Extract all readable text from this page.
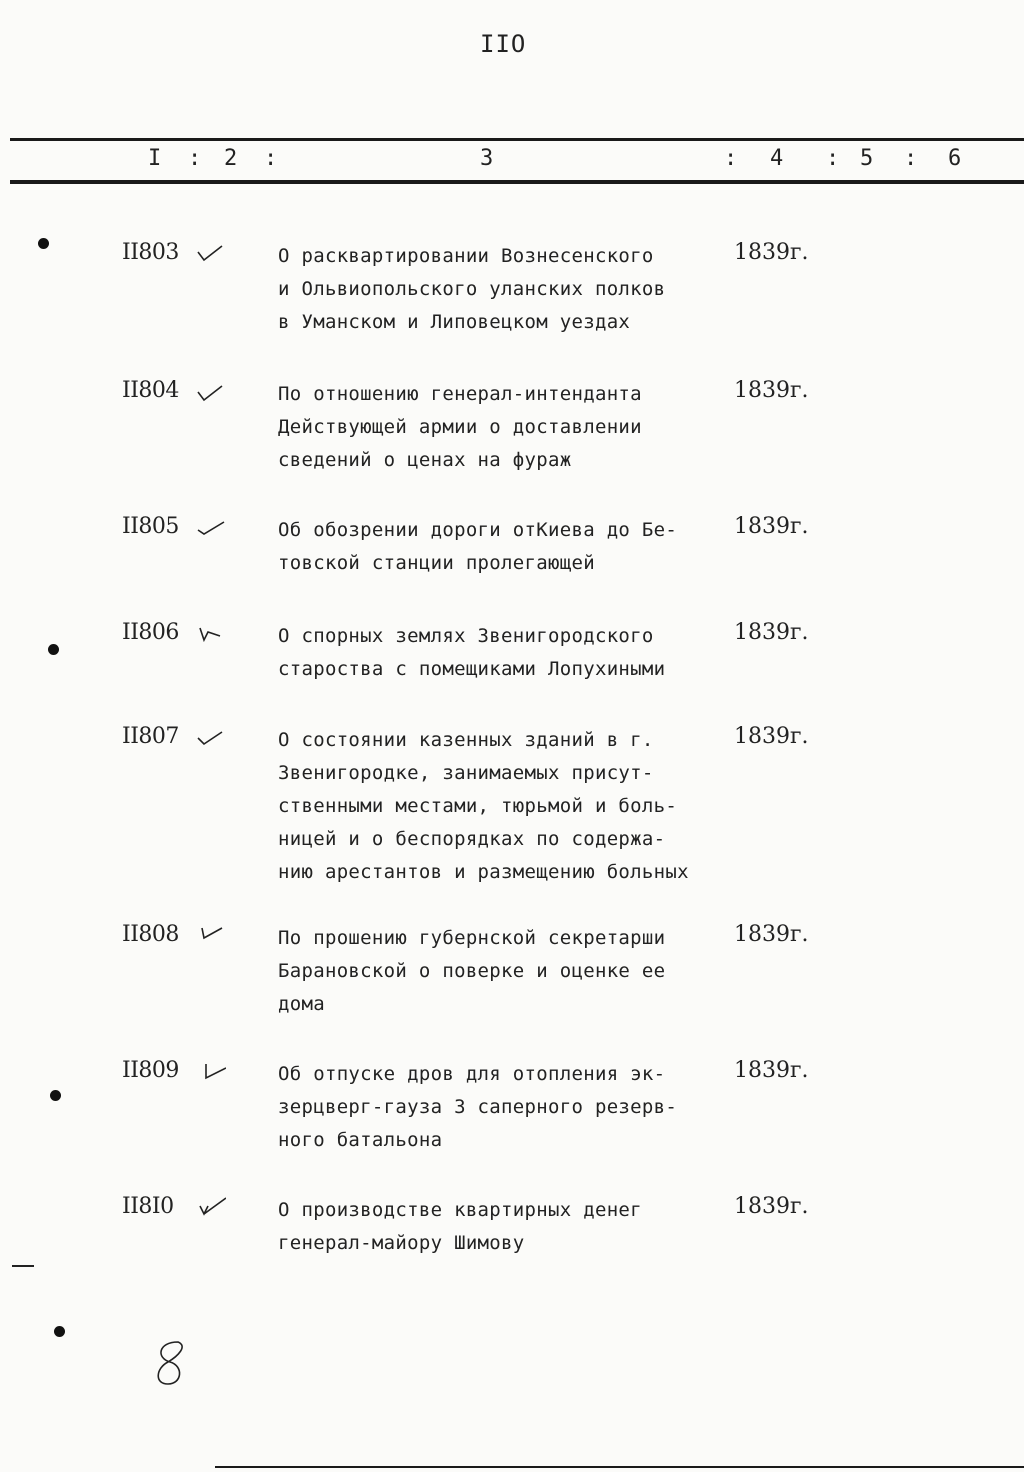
IIO
I : 2 :	3	: 4 : 5 : 6
II803	О расквартировании Вознесенского
и Ольвиопольского уланских полков
в Уманском и Липовецком уездах
1839г.
II804	По отношению генерал-интенданта
Действующей армии о доставлении
сведений о ценах на фураж
1839г.
II805	Об обозрении дороги отКиева до Бе-
товской станции пролегающей
1839г.
II806	О спорных землях Звенигородского
староства с помещиками Лопухиными
1839г.
II807	О состоянии казенных зданий в г.
Звенигородке, занимаемых присут-
ственными местами, тюрьмой и боль-
ницей и о беспорядках по содержа-
нию арестантов и размещению больных
1839г.
II808	По прошению губернской секретарши
Барановской о поверке и оценке ее
дома
1839г.
II809	Об отпуске дров для отопления эк-
зерцверг-гауза 3 саперного резерв-
ного батальона
1839г.
II8I0	О производстве квартирных денег
генерал-майору Шимову
1839г.
